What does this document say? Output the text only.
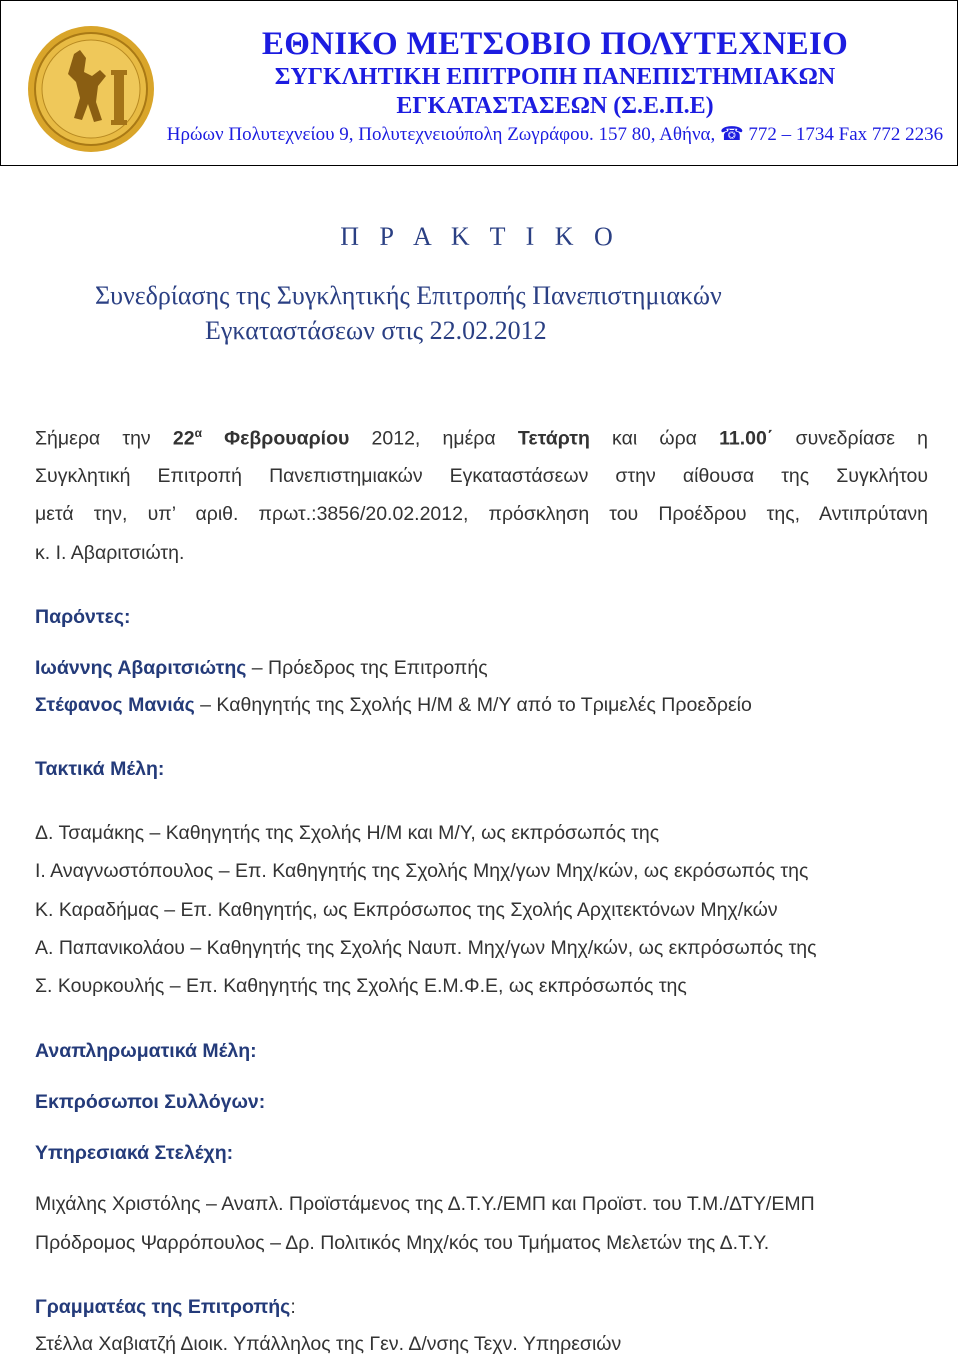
ΕΘΝΙΚΟ ΜΕΤΣΟΒΙΟ ΠΟΛΥΤΕΧΝΕΙΟ
ΣΥΓΚΛΗΤΙΚΗ ΕΠΙΤΡΟΠΗ ΠΑΝΕΠΙΣΤΗΜΙΑΚΩΝ
ΕΓΚΑΤΑΣΤΑΣΕΩΝ (Σ.Ε.Π.Ε)
Ηρώων Πολυτεχνείου 9, Πολυτεχνειούπολη Ζωγράφου. 157 80, Αθήνα, ☎ 772 – 1734 Fax 772 2236
Π Ρ Α Κ Τ Ι Κ Ο
Συνεδρίασης της Συγκλητικής Επιτροπής Πανεπιστημιακών
Εγκαταστάσεων στις 22.02.2012
Σήμερα την $22^\alpha$ Φεβρουαρίου 2012, ημέρα Τετάρτη και ώρα 11.00΄ συνεδρίασε η
Συγκλητική Επιτροπή Πανεπιστημιακών Εγκαταστάσεων στην αίθουσα της Συγκλήτου
μετά την, υπ’ αριθ. πρωτ.:3856/20.02.2012, πρόσκληση του Προέδρου της, Αντιπρύτανη
κ. Ι. Αβαριτσιώτη.
Παρόντες:
Ιωάννης Αβαριτσιώτης – Πρόεδρος της Επιτροπής
Στέφανος Μανιάς – Καθηγητής της Σχολής Η/Μ & Μ/Υ από το Τριμελές Προεδρείο
Τακτικά Μέλη:
Δ. Τσαμάκης – Καθηγητής της Σχολής Η/Μ και Μ/Υ, ως εκπρόσωπός της
Ι. Αναγνωστόπουλος – Επ. Καθηγητής της Σχολής Μηχ/γων Μηχ/κών, ως εκρόσωπός της
Κ. Καραδήμας – Επ. Καθηγητής, ως Εκπρόσωπος της Σχολής Αρχιτεκτόνων Μηχ/κών
Α. Παπανικολάου – Καθηγητής της Σχολής Ναυπ. Μηχ/γων Μηχ/κών, ως εκπρόσωπός της
Σ. Κουρκουλής – Επ. Καθηγητής της Σχολής Ε.Μ.Φ.Ε, ως εκπρόσωπός της
Αναπληρωματικά Μέλη:
Εκπρόσωποι Συλλόγων:
Υπηρεσιακά Στελέχη:
Μιχάλης Χριστόλης – Αναπλ. Προϊστάμενος της Δ.Τ.Υ./ΕΜΠ και Προϊστ. του Τ.Μ./ΔΤΥ/ΕΜΠ
Πρόδρομος Ψαρρόπουλος – Δρ. Πολιτικός Μηχ/κός του Τμήματος Μελετών της Δ.Τ.Υ.
Γραμματέας της Επιτροπής:
Στέλλα Χαβιατζή Διοικ. Υπάλληλος της Γεν. Δ/νσης Τεχν. Υπηρεσιών
